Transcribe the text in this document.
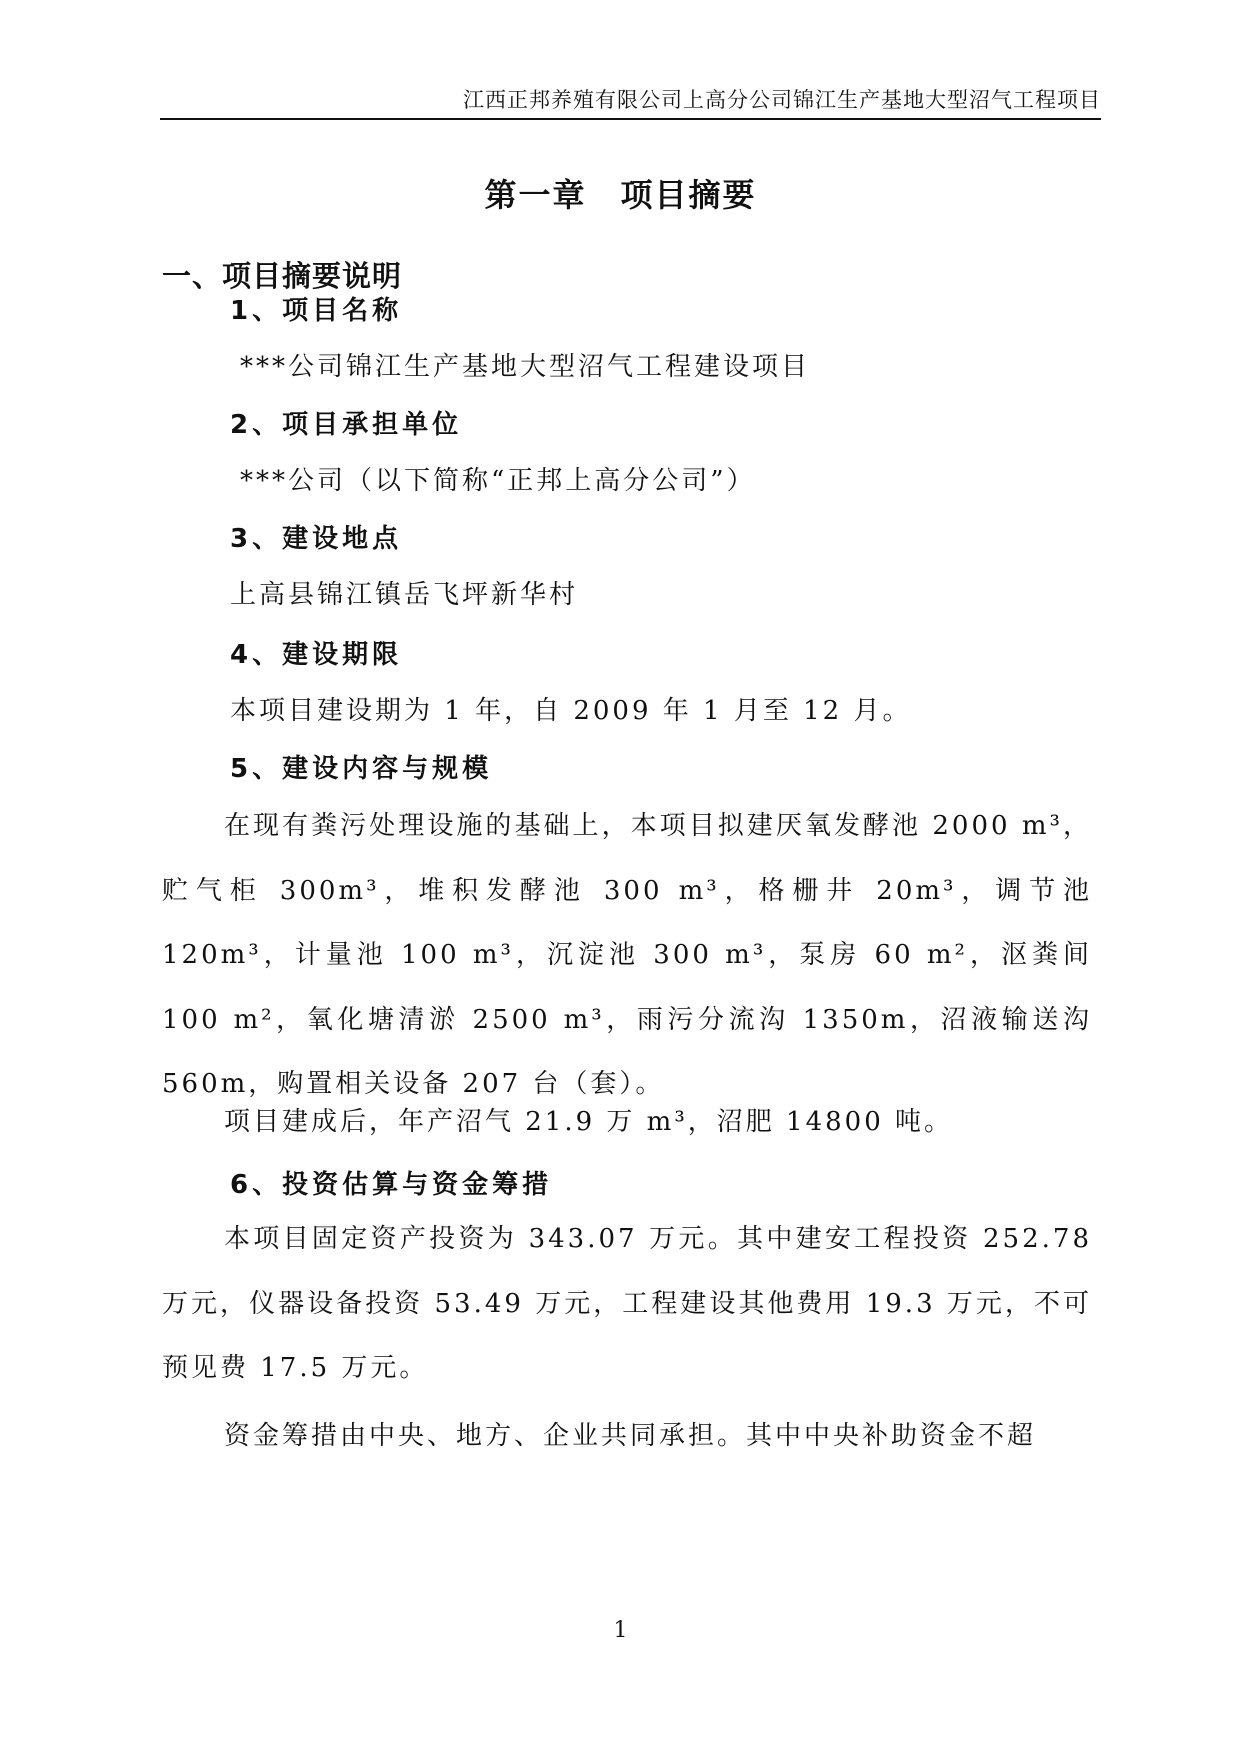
江西正邦养殖有限公司上高分公司锦江生产基地大型沼气工程项目
第一章　项目摘要
一、项目摘要说明
1、项目名称
***公司锦江生产基地大型沼气工程建设项目
2、项目承担单位
***公司（以下简称“正邦上高分公司”）
3、建设地点
上高县锦江镇岳飞坪新华村
4、建设期限
本项目建设期为 1 年，自 2009 年 1 月至 12 月。
5、建设内容与规模

在现有粪污处理设施的基础上，本项目拟建厌氧发酵池 2000 m³，贮气柜 300m³，堆积发酵池 300 m³，格栅井 20m³，调节池 120m³，计量池 100 m³，沉淀池 300 m³，泵房 60 m²，沤粪间 100 m²，氧化塘清淤 2500 m³，雨污分流沟 1350m，沼液输送沟 560m，购置相关设备 207 台（套）。

项目建成后，年产沼气 21.9 万 m³，沼肥 14800 吨。

6、投资估算与资金筹措

本项目固定资产投资为 343.07 万元。其中建安工程投资 252.78 万元，仪器设备投资 53.49 万元，工程建设其他费用 19.3 万元，不可预见费 17.5 万元。

资金筹措由中央、地方、企业共同承担。其中中央补助资金不超

1
